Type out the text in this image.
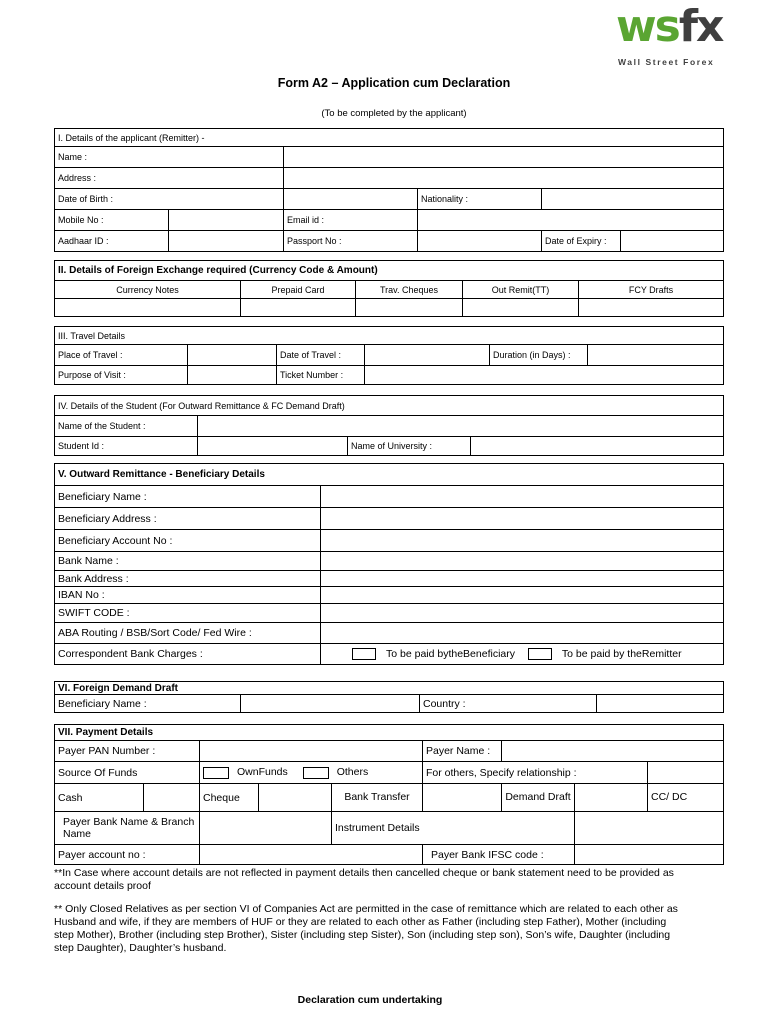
wsfx
Wall Street Forex
Form A2 – Application cum Declaration
(To be completed by the applicant)
I. Details of the applicant (Remitter) -					
Name :					
Address :					
Date of Birth :			Nationality :		
Mobile No :		Email id :			
Aadhaar ID :		Passport No :		Date of Expiry :	
II. Details of Foreign Exchange required (Currency Code & Amount)				
Currency Notes	Prepaid Card	Trav. Cheques	Out Remit(TT)	FCY Drafts

III. Travel Details					
Place of Travel :		Date of Travel :		Duration (in Days) :	
Purpose of Visit :		Ticket Number :			
IV. Details of the Student (For Outward Remittance & FC Demand Draft)			
Name of the Student :			
Student Id :		Name of University :	
V. Outward Remittance - Beneficiary Details	
Beneficiary Name :	
Beneficiary Address :	
Beneficiary Account No :	
Bank Name :	
Bank Address :	
IBAN No :	
SWIFT CODE :	
ABA Routing / BSB/Sort Code/ Fed Wire :	
Correspondent Bank Charges :	To be paid bytheBeneficiary To be paid by theRemitter
VI. Foreign Demand Draft
Beneficiary Name :		Country :	
VII. Payment Details								
Payer PAN Number :					Payer Name :			
Source Of Funds		OwnFunds Others			For others, Specify relationship :			
Cash		Cheque		Bank Transfer		Demand Draft		CC/ DC
Payer Bank Name & Branch Name				Instrument Details				
Payer account no :					Payer Bank IFSC code :			
**In Case where account details are not reflected in payment details then cancelled cheque or bank statement need to be provided as account details proof
** Only Closed Relatives as per section VI of Companies Act are permitted in the case of remittance which are related to each other as Husband and wife, if they are members of HUF or they are related to each other as Father (including step Father), Mother (including step Mother), Brother (including step Brother), Sister (including step Sister), Son (including step son), Son’s wife, Daughter (including step Daughter), Daughter’s husband.
Declaration cum undertaking
